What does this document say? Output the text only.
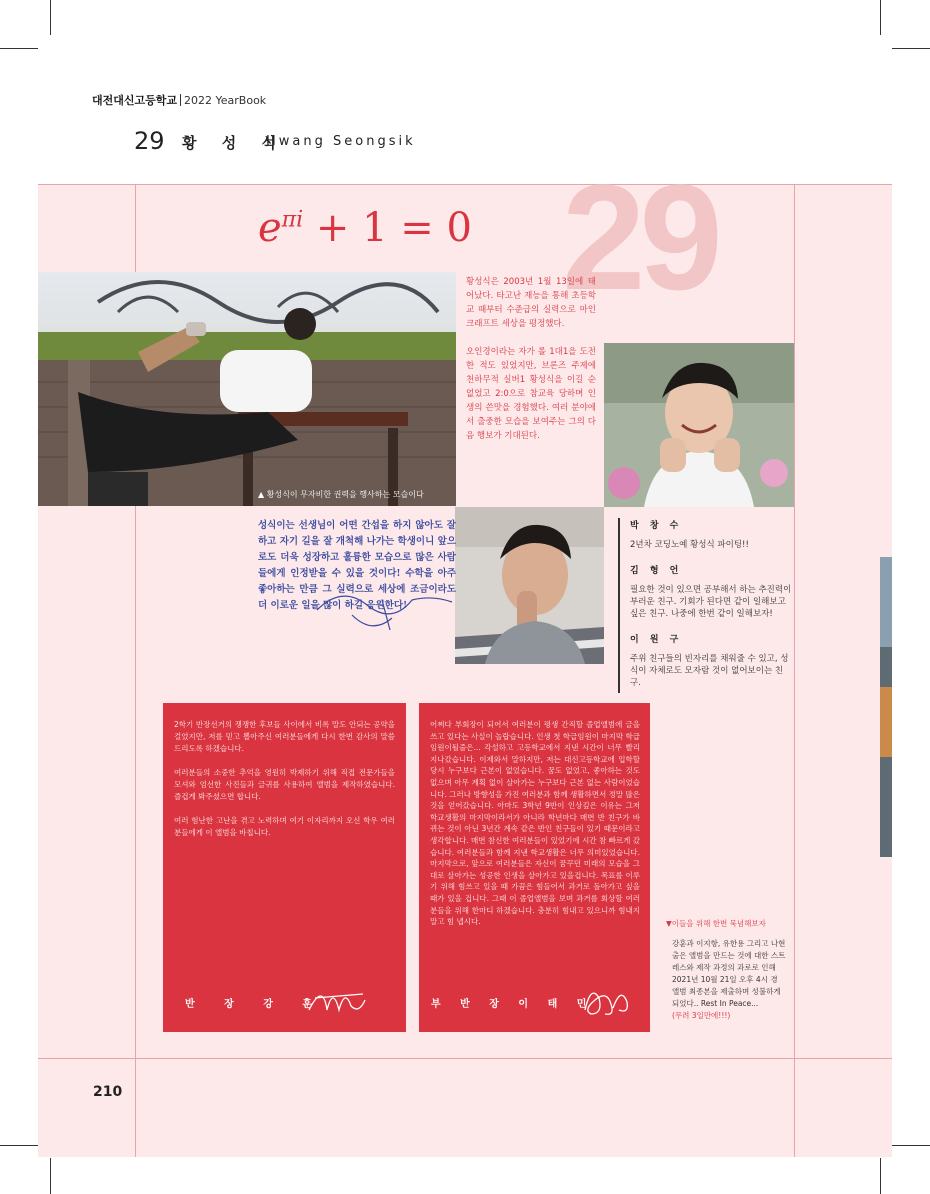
대전대신고등학교 2022 YearBook
29 황 성 식
Hwang Seongsik
29
$e^{\pi i} + 1 = 0$
▲ 황성식이 무자비한 권력을 행사하는 모습이다

황성식은 2003년 1월 13일에 태어났다. 타고난 재능을 통해 초등학교 때부터 수준급의 실력으로 마인크래프트 세상을 평정했다.

오인경이라는 자가 롤 1대1을 도전한 적도 있었지만, 브론즈 주제에 천하무적 실버1 황성식을 이길 순 없었고 2:0으로 참교육 당하며 인생의 쓴맛을 경험했다. 여러 분야에서 출중한 모습을 보여주는 그의 다음 행보가 기대된다.

성식이는 선생님이 어떤 간섭을 하지 않아도 잘 하고 자기 길을 잘 개척해 나가는 학생이니 앞으로도 더욱 성장하고 훌륭한 모습으로 많은 사람들에게 인정받을 수 있을 것이다! 수학을 아주 좋아하는 만큼 그 실력으로 세상에 조금이라도 더 이로운 일을 많이 하길 응원한다!
박 창 수
2년차 코딩노예 황성식 파이팅!!
김 형 언
필요한 것이 있으면 공부해서 하는 추진력이 부러운 친구. 기회가 된다면 같이 일해보고 싶은 친구. 나중에 한번 같이 일해보자!
이 원 구
주위 친구들의 빈자리를 채워줄 수 있고, 성식이 자체로도 모자람 것이 없어보이는 친구.

2학기 반장선거의 쟁쟁한 후보들 사이에서 비록 말도 안되는 공약을 걸었지만, 저를 믿고 뽑아주신 여러분들에게 다시 한번 감사의 말씀 드리도록 하겠습니다.

여러분들의 소중한 추억을 영원히 박제하기 위해 직접 전문가들을 모셔와 엄선한 사진들과 글귀를 사용하여 앨범을 제작하였습니다. 즐겁게 봐주셨으면 합니다.

여러 험난한 고난을 겪고 노력하며 여기 이자리까지 오신 학우 여러분들에게 이 앨범을 바칩니다.

반 장 강 훈

어쩌다 부회장이 되어서 여러분이 평생 간직할 졸업앨범에 글을 쓰고 있다는 사실이 놀랍습니다. 인생 첫 학급임원이 마지막 학급임원이될줄은... 각설하고 고등학교에서 지낸 시간이 너무 빨리 지나갔습니다. 이제와서 말하지만, 저는 대신고등학교에 입학할 당시 누구보다 근본이 없었습니다. 꿈도 없었고, 좋아하는 것도 없으며 아무 계획 없이 살아가는 누구보다 근본 없는 사람이었습니다. 그러나 방향성을 가진 여러분과 함께 생활하면서 정말 많은 것을 얻어갔습니다. 아마도 3학년 9반이 인상깊은 이유는 그저 학교생활의 마지막이라서가 아니라 학년마다 매번 반 친구가 바뀌는 것이 아닌 3년간 계속 같은 반인 친구들이 있기 때문이라고 생각합니다. 매번 참신한 여러분들이 있었기에 시간 참 빠르게 갔습니다. 여러분들과 함께 지낸 학교생활은 너무 의미있었습니다. 마지막으로, 앞으로 여러분들은 자신이 꿈꾸던 미래의 모습을 그대로 살아가는 성공한 인생을 살아가고 있을겁니다. 목표를 이루기 위해 힘쓰고 있을 때 가끔은 힘들어서 과거로 돌아가고 싶을 때가 있을 겁니다. 그때 이 졸업앨범을 보며 과거를 회상할 여러분들을 위해 한마디 하겠습니다. 충분히 힘내고 있으니까 힘내지 말고 힘 냅시다.

부 반 장 이 태 민
▼이들을 위해 한번 묵념해보자
강훈과 이지항, 유한용 그리고 나현출은 앨범을 만드는 것에 대한 스트레스와 제작 과정의 과로로 인해 2021년 10월 21일 오후 4시 경 앨범 최종본을 제출하며 성불하게 되었다.. Rest In Peace...
(무려 3일만에!!!)
210
